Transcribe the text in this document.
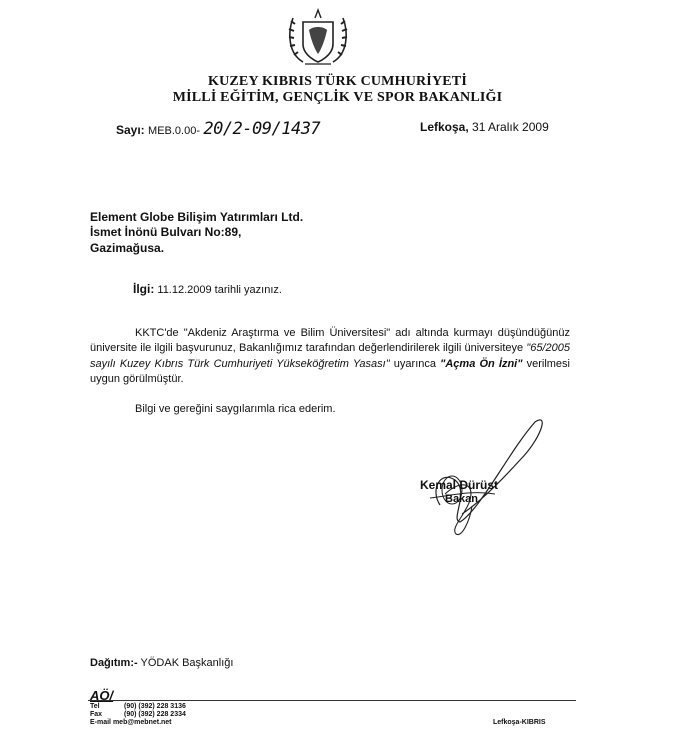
KUZEY KIBRIS TÜRK CUMHURİYETİ
MİLLİ EĞİTİM, GENÇLİK VE SPOR BAKANLIĞI
Sayı: MEB.0.00- 20/2-09/1437	Lefkoşa, 31 Aralık 2009
Element Globe Bilişim Yatırımları Ltd.
İsmet İnönü Bulvarı No:89,
Gazimağusa.
İlgi: 11.12.2009 tarihli yazınız.
KKTC'de "Akdeniz Araştırma ve Bilim Üniversitesi" adı altında kurmayı düşündüğünüz üniversite ile ilgili başvurunuz, Bakanlığımız tarafından değerlendirilerek ilgili üniversiteye "65/2005 sayılı Kuzey Kıbrıs Türk Cumhuriyeti Yükseköğretim Yasası" uyarınca "Açma Ön İzni" verilmesi uygun görülmüştür.
Bilgi ve gereğini saygılarımla rica ederim.
Kemal Dürüst
Bakan
Dağıtım:- YÖDAK Başkanlığı
AÖ/
Tel	(90) (392) 228 3136
Fax	(90) (392) 228 2334
E-mail meb@mebnet.net	Lefkoşa-KIBRIS
